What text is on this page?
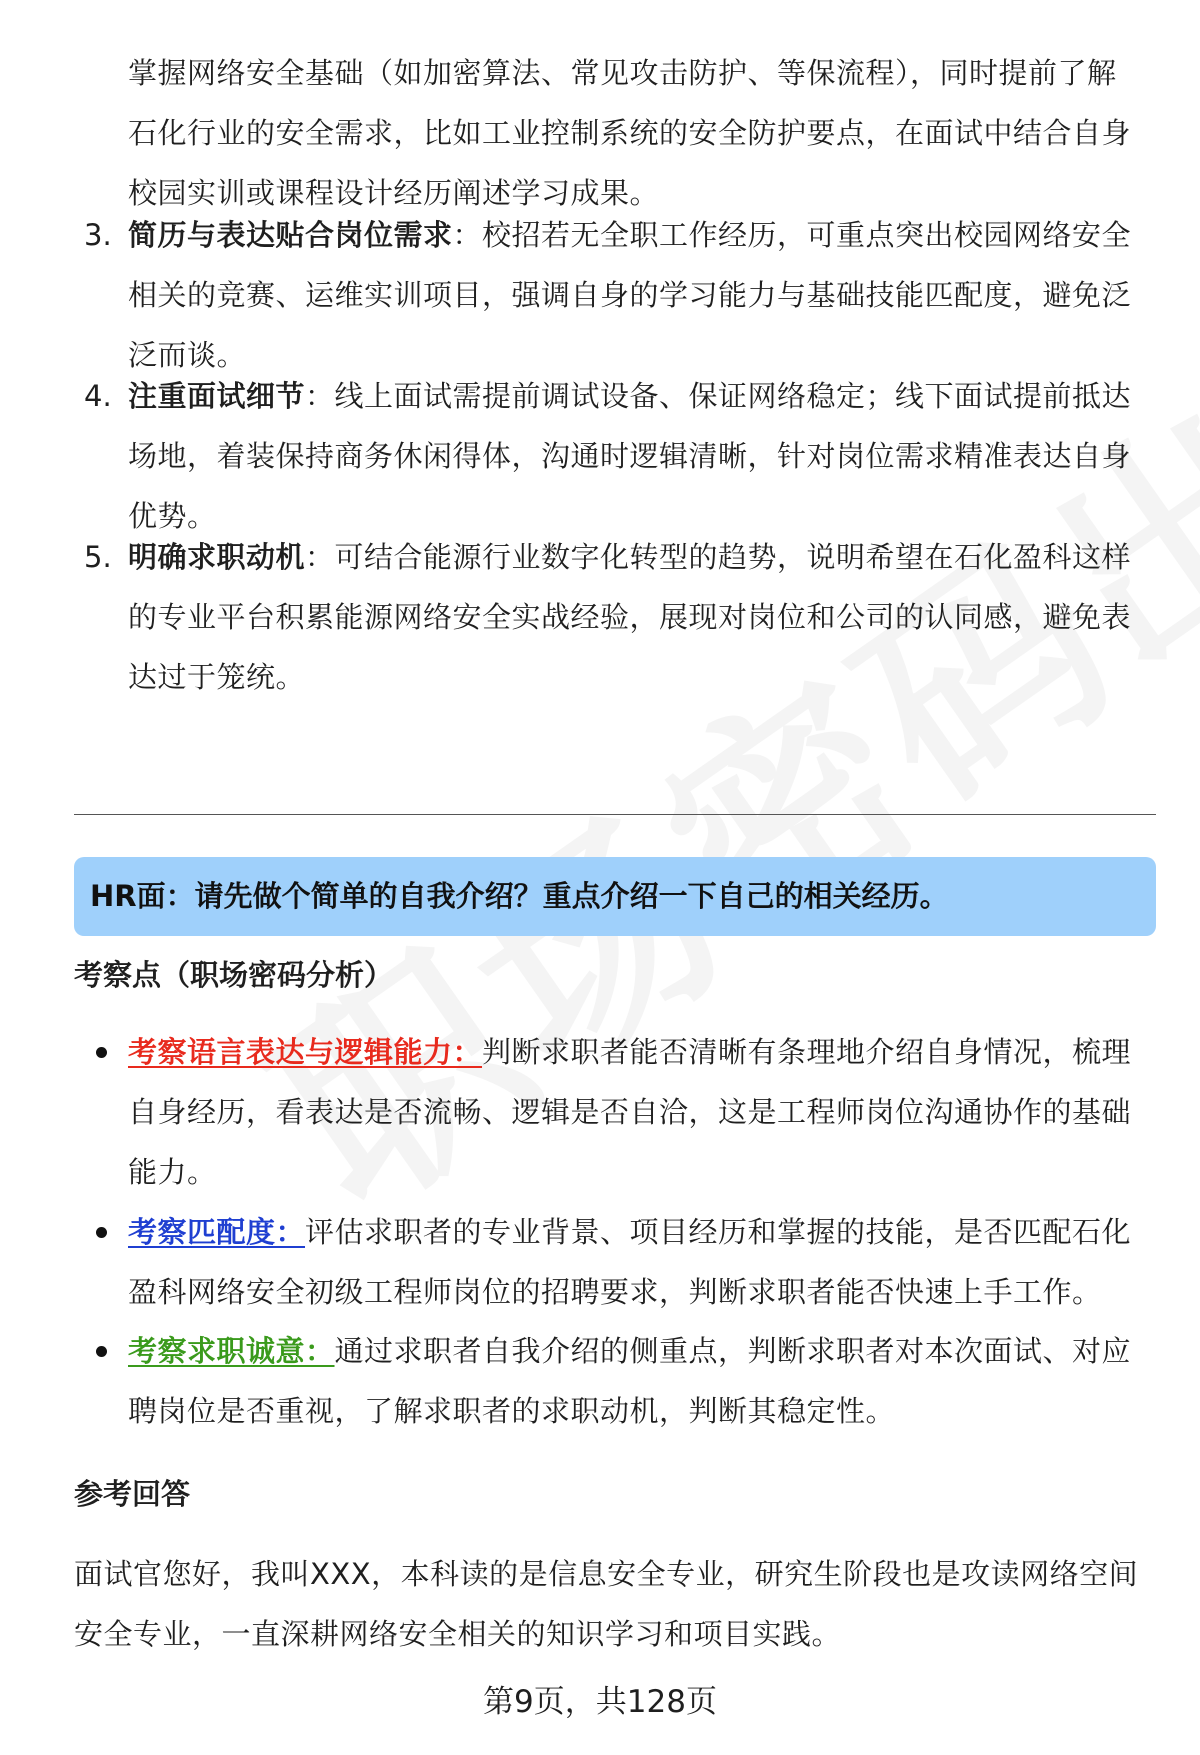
掌握网络安全基础（如加密算法、常见攻击防护、等保流程），同时提前了解石化行业的安全需求，比如工业控制系统的安全防护要点，在面试中结合自身校园实训或课程设计经历阐述学习成果。
3. 简历与表达贴合岗位需求：校招若无全职工作经历，可重点突出校园网络安全相关的竞赛、运维实训项目，强调自身的学习能力与基础技能匹配度，避免泛泛而谈。
4. 注重面试细节：线上面试需提前调试设备、保证网络稳定；线下面试提前抵达场地，着装保持商务休闲得体，沟通时逻辑清晰，针对岗位需求精准表达自身优势。
5. 明确求职动机：可结合能源行业数字化转型的趋势，说明希望在石化盈科这样的专业平台积累能源网络安全实战经验，展现对岗位和公司的认同感，避免表达过于笼统。
HR面：请先做个简单的自我介绍？重点介绍一下自己的相关经历。
考察点（职场密码分析）
考察语言表达与逻辑能力：判断求职者能否清晰有条理地介绍自身情况，梳理自身经历，看表达是否流畅、逻辑是否自洽，这是工程师岗位沟通协作的基础能力。
考察匹配度：评估求职者的专业背景、项目经历和掌握的技能，是否匹配石化盈科网络安全初级工程师岗位的招聘要求，判断求职者能否快速上手工作。
考察求职诚意：通过求职者自我介绍的侧重点，判断求职者对本次面试、对应聘岗位是否重视，了解求职者的求职动机，判断其稳定性。
参考回答
面试官您好，我叫XXX，本科读的是信息安全专业，研究生阶段也是攻读网络空间安全专业，一直深耕网络安全相关的知识学习和项目实践。
第9页，共128页
